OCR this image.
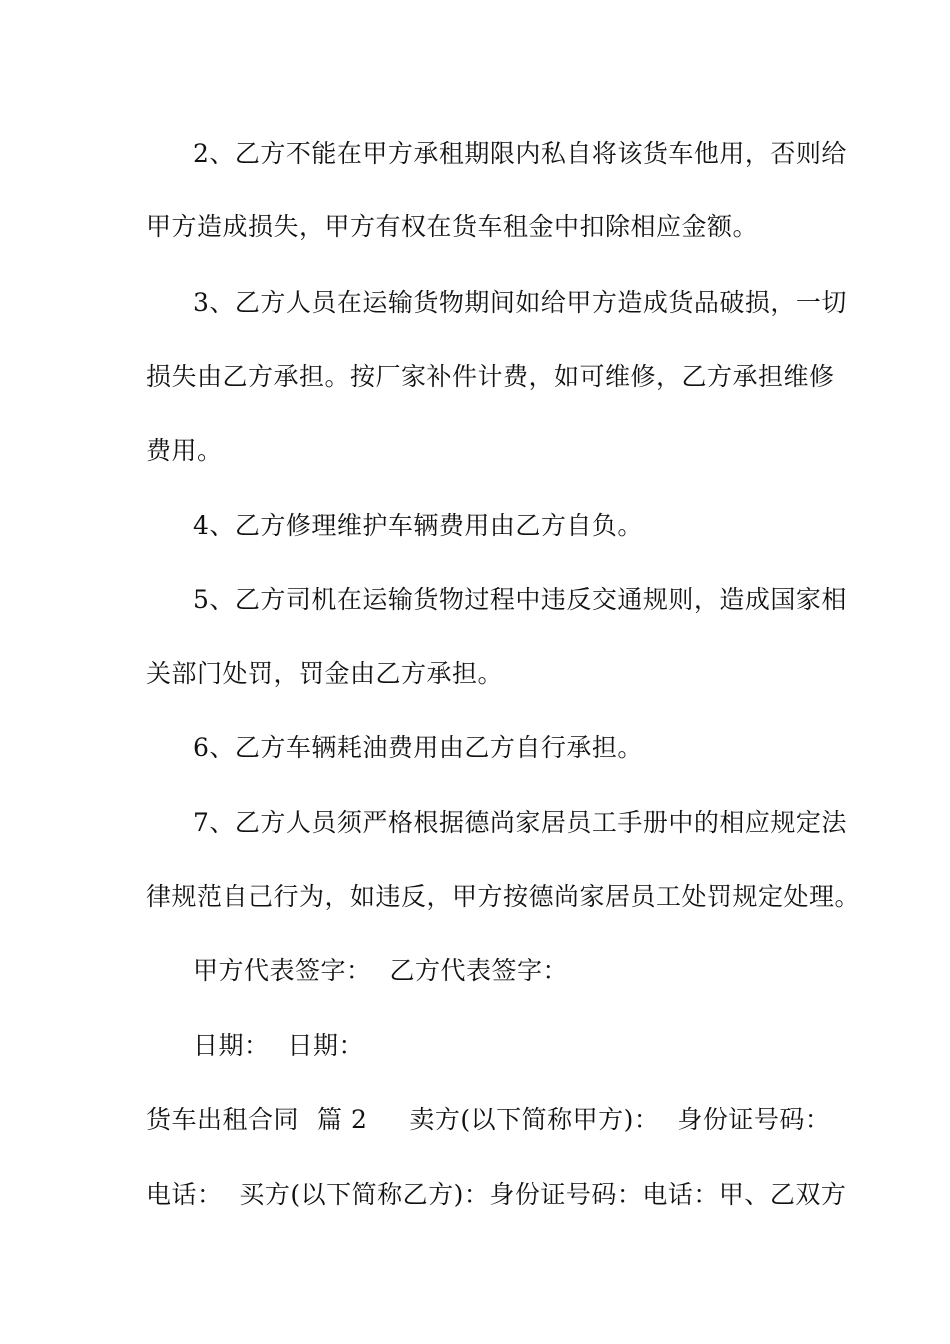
2、乙方不能在甲方承租期限内私自将该货车他用，否则给
甲方造成损失，甲方有权在货车租金中扣除相应金额。
3、乙方人员在运输货物期间如给甲方造成货品破损，一切
损失由乙方承担。按厂家补件计费，如可维修，乙方承担维修
费用。
4、乙方修理维护车辆费用由乙方自负。
5、乙方司机在运输货物过程中违反交通规则，造成国家相
关部门处罚，罚金由乙方承担。
6、乙方车辆耗油费用由乙方自行承担。
7、乙方人员须严格根据德尚家居员工手册中的相应规定法
律规范自己行为，如违反，甲方按德尚家居员工处罚规定处理。
甲方代表签字： 乙方代表签字：
日期： 日期：
货车出租合同 篇 2 卖方(以下简称甲方)： 身份证号码：
电话：  买方(以下简称乙方)：身份证号码：电话：甲、乙双方
